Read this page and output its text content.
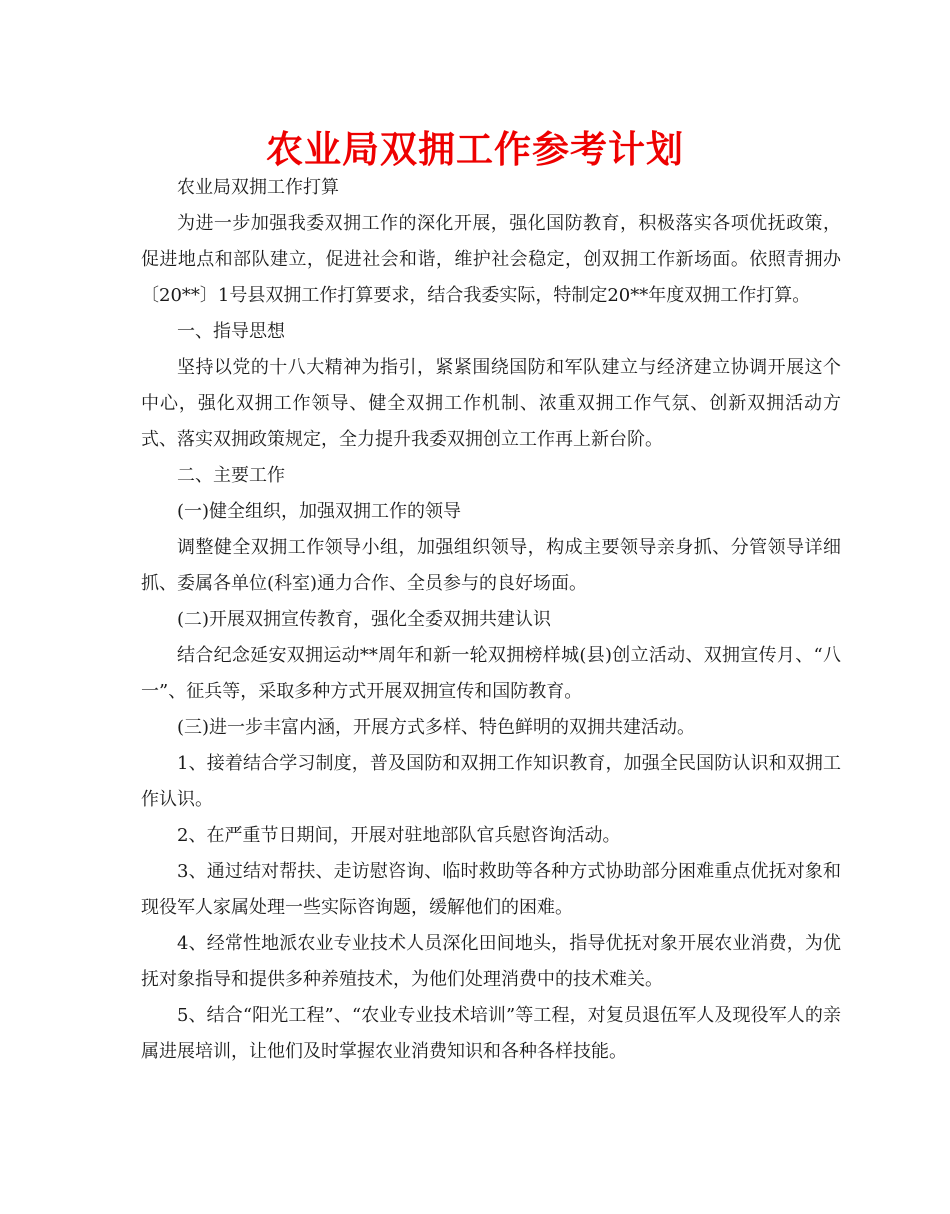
农业局双拥工作参考计划

农业局双拥工作打算

为进一步加强我委双拥工作的深化开展，强化国防教育，积极落实各项优抚政策，促进地点和部队建立，促进社会和谐，维护社会稳定，创双拥工作新场面。依照青拥办〔20**〕1号县双拥工作打算要求，结合我委实际，特制定20**年度双拥工作打算。

一、指导思想

坚持以党的十八大精神为指引，紧紧围绕国防和军队建立与经济建立协调开展这个中心，强化双拥工作领导、健全双拥工作机制、浓重双拥工作气氛、创新双拥活动方式、落实双拥政策规定，全力提升我委双拥创立工作再上新台阶。

二、主要工作

(一)健全组织，加强双拥工作的领导

调整健全双拥工作领导小组，加强组织领导，构成主要领导亲身抓、分管领导详细抓、委属各单位(科室)通力合作、全员参与的良好场面。

(二)开展双拥宣传教育，强化全委双拥共建认识

结合纪念延安双拥运动**周年和新一轮双拥榜样城(县)创立活动、双拥宣传月、“八一”、征兵等，采取多种方式开展双拥宣传和国防教育。

(三)进一步丰富内涵，开展方式多样、特色鲜明的双拥共建活动。

1、接着结合学习制度，普及国防和双拥工作知识教育，加强全民国防认识和双拥工作认识。

2、在严重节日期间，开展对驻地部队官兵慰咨询活动。

3、通过结对帮扶、走访慰咨询、临时救助等各种方式协助部分困难重点优抚对象和现役军人家属处理一些实际咨询题，缓解他们的困难。

4、经常性地派农业专业技术人员深化田间地头，指导优抚对象开展农业消费，为优抚对象指导和提供多种养殖技术，为他们处理消费中的技术难关。

5、结合“阳光工程”、“农业专业技术培训”等工程，对复员退伍军人及现役军人的亲属进展培训，让他们及时掌握农业消费知识和各种各样技能。
